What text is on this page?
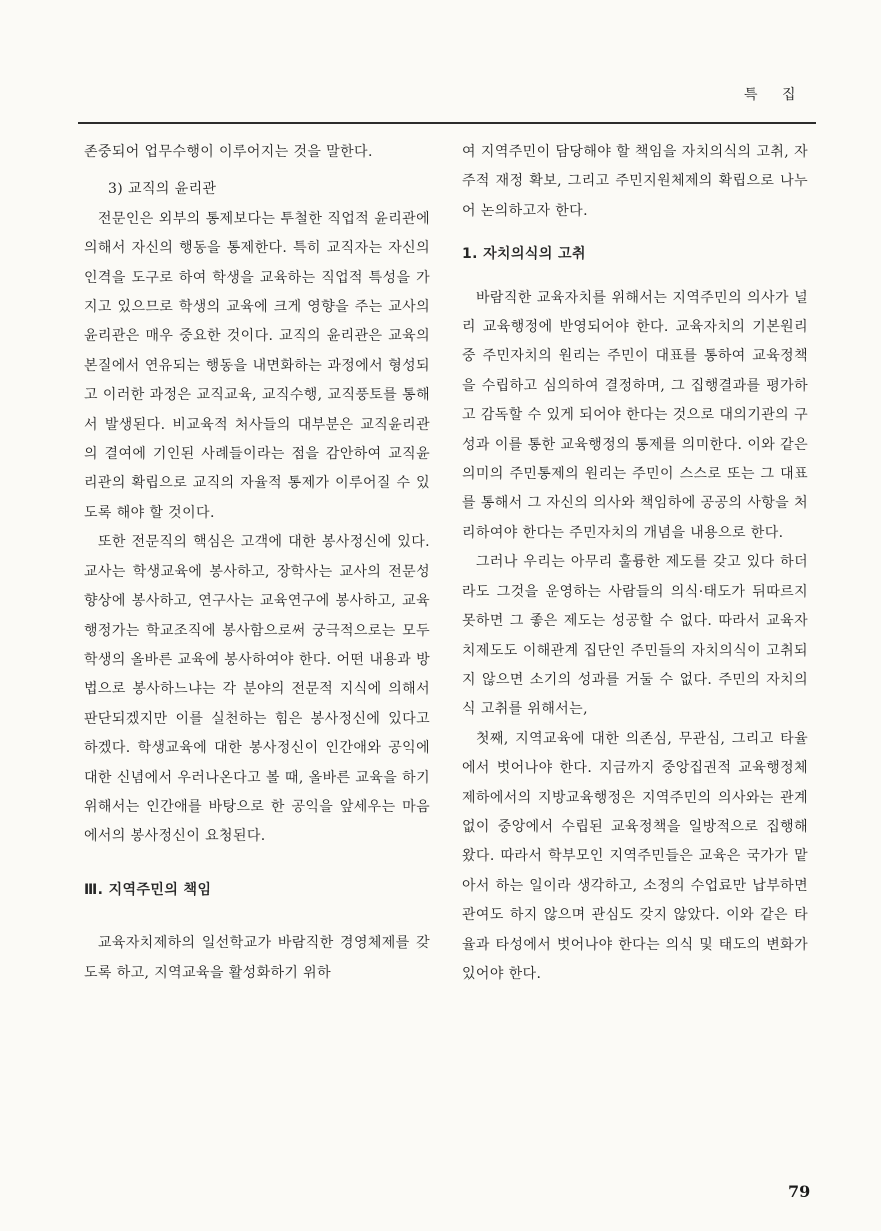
특 집

존중되어 업무수행이 이루어지는 것을 말한다.

3) 교직의 윤리관

전문인은 외부의 통제보다는 투철한 직업적 윤리관에 의해서 자신의 행동을 통제한다. 특히 교직자는 자신의 인격을 도구로 하여 학생을 교육하는 직업적 특성을 가지고 있으므로 학생의 교육에 크게 영향을 주는 교사의 윤리관은 매우 중요한 것이다. 교직의 윤리관은 교육의 본질에서 연유되는 행동을 내면화하는 과정에서 형성되고 이러한 과정은 교직교육, 교직수행, 교직풍토를 통해서 발생된다. 비교육적 처사들의 대부분은 교직윤리관의 결여에 기인된 사례들이라는 점을 감안하여 교직윤리관의 확립으로 교직의 자율적 통제가 이루어질 수 있도록 해야 할 것이다.

또한 전문직의 핵심은 고객에 대한 봉사정신에 있다. 교사는 학생교육에 봉사하고, 장학사는 교사의 전문성 향상에 봉사하고, 연구사는 교육연구에 봉사하고, 교육행정가는 학교조직에 봉사함으로써 궁극적으로는 모두 학생의 올바른 교육에 봉사하여야 한다. 어떤 내용과 방법으로 봉사하느냐는 각 분야의 전문적 지식에 의해서 판단되겠지만 이를 실천하는 힘은 봉사정신에 있다고 하겠다. 학생교육에 대한 봉사정신이 인간애와 공익에 대한 신념에서 우러나온다고 볼 때, 올바른 교육을 하기 위해서는 인간애를 바탕으로 한 공익을 앞세우는 마음에서의 봉사정신이 요청된다.

Ⅲ. 지역주민의 책임

교육자치제하의 일선학교가 바람직한 경영체제를 갖도록 하고, 지역교육을 활성화하기 위하

여 지역주민이 담당해야 할 책임을 자치의식의 고취, 자주적 재정 확보, 그리고 주민지원체제의 확립으로 나누어 논의하고자 한다.

1. 자치의식의 고취

바람직한 교육자치를 위해서는 지역주민의 의사가 널리 교육행정에 반영되어야 한다. 교육자치의 기본원리 중 주민자치의 원리는 주민이 대표를 통하여 교육정책을 수립하고 심의하여 결정하며, 그 집행결과를 평가하고 감독할 수 있게 되어야 한다는 것으로 대의기관의 구성과 이를 통한 교육행정의 통제를 의미한다. 이와 같은 의미의 주민통제의 원리는 주민이 스스로 또는 그 대표를 통해서 그 자신의 의사와 책임하에 공공의 사항을 처리하여야 한다는 주민자치의 개념을 내용으로 한다.

그러나 우리는 아무리 훌륭한 제도를 갖고 있다 하더라도 그것을 운영하는 사람들의 의식·태도가 뒤따르지 못하면 그 좋은 제도는 성공할 수 없다. 따라서 교육자치제도도 이해관계 집단인 주민들의 자치의식이 고취되지 않으면 소기의 성과를 거둘 수 없다. 주민의 자치의식 고취를 위해서는,

첫째, 지역교육에 대한 의존심, 무관심, 그리고 타율에서 벗어나야 한다. 지금까지 중앙집권적 교육행정체제하에서의 지방교육행정은 지역주민의 의사와는 관계없이 중앙에서 수립된 교육정책을 일방적으로 집행해 왔다. 따라서 학부모인 지역주민들은 교육은 국가가 맡아서 하는 일이라 생각하고, 소정의 수업료만 납부하면 관여도 하지 않으며 관심도 갖지 않았다. 이와 같은 타율과 타성에서 벗어나야 한다는 의식 및 태도의 변화가 있어야 한다.

79
